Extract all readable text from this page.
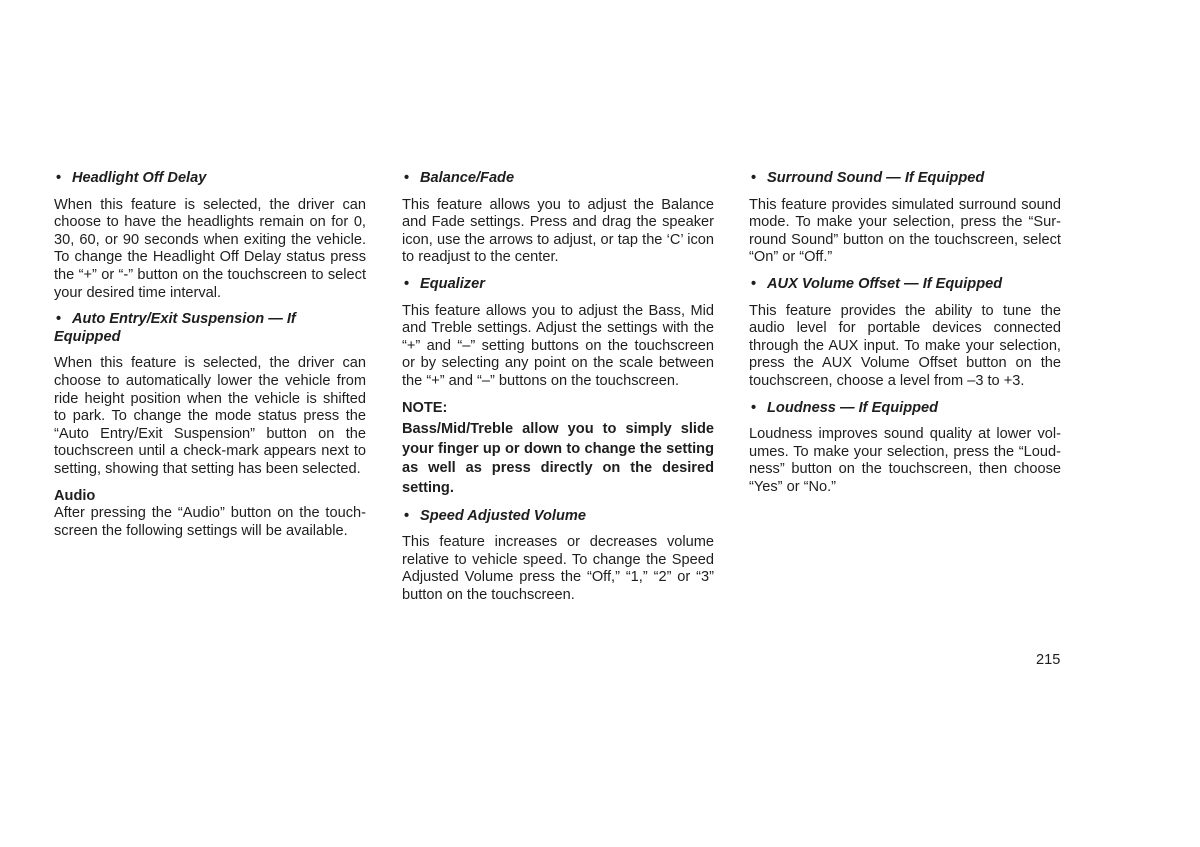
• Headlight Off Delay

When this feature is selected, the driver can choose to have the headlights remain on for 0, 30, 60, or 90 seconds when exiting the vehicle. To change the Headlight Off Delay status press the “+” or “-” button on the touchscreen to select your desired time interval.

• Auto Entry/Exit Suspension — If Equipped

When this feature is selected, the driver can choose to automatically lower the vehicle from ride height position when the vehicle is shifted to park. To change the mode status press the “Auto Entry/Exit Suspension” button on the touchscreen until a check-mark appears next to setting, showing that setting has been selected.

Audio

After pressing the “Audio” button on the touch-screen the following settings will be available.

• Balance/Fade

This feature allows you to adjust the Balance and Fade settings. Press and drag the speaker icon, use the arrows to adjust, or tap the ‘C’ icon to readjust to the center.

• Equalizer

This feature allows you to adjust the Bass, Mid and Treble settings. Adjust the settings with the “+” and “–” setting buttons on the touchscreen or by selecting any point on the scale between the “+” and “–” buttons on the touchscreen.

NOTE:

Bass/Mid/Treble allow you to simply slide your finger up or down to change the setting as well as press directly on the desired setting.

• Speed Adjusted Volume

This feature increases or decreases volume relative to vehicle speed. To change the Speed Adjusted Volume press the “Off,” “1,” “2” or “3” button on the touchscreen.

• Surround Sound — If Equipped

This feature provides simulated surround sound mode. To make your selection, press the “Sur-round Sound” button on the touchscreen, select “On” or “Off.”

• AUX Volume Offset — If Equipped

This feature provides the ability to tune the audio level for portable devices connected through the AUX input. To make your selection, press the AUX Volume Offset button on the touchscreen, choose a level from –3 to +3.

• Loudness — If Equipped

Loudness improves sound quality at lower vol-umes. To make your selection, press the “Loud-ness” button on the touchscreen, then choose “Yes” or “No.”

215
